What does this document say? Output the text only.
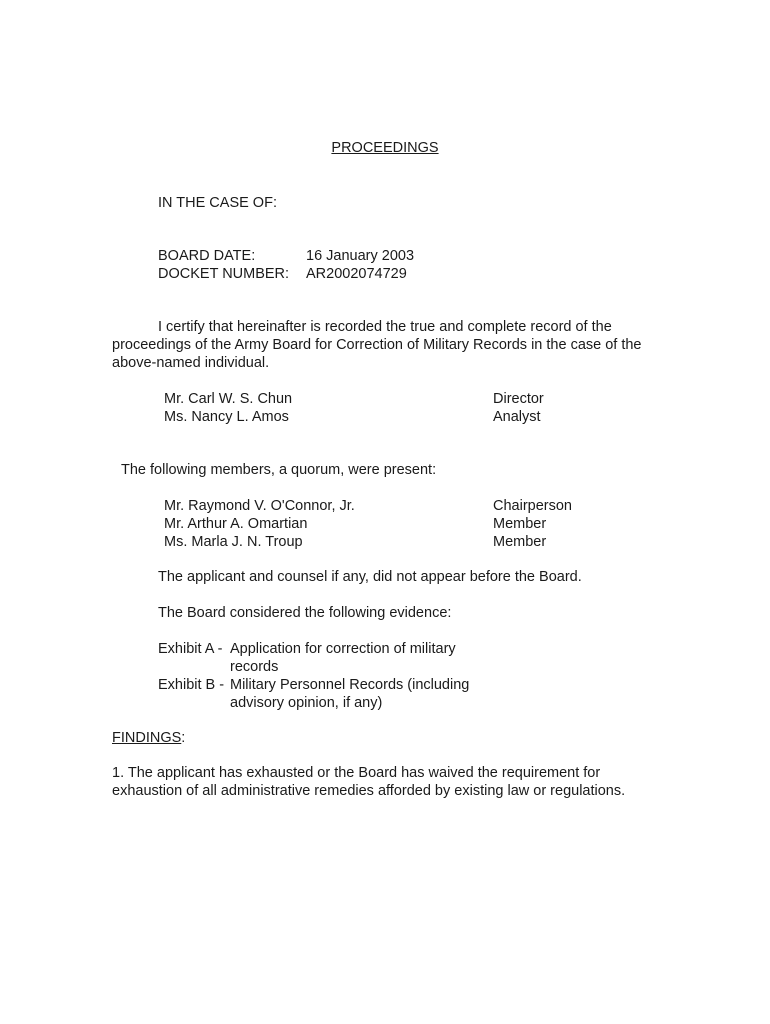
PROCEEDINGS
IN THE CASE OF:
BOARD DATE:	16 January 2003
DOCKET NUMBER: AR2002074729
I certify that hereinafter is recorded the true and complete record of the proceedings of the Army Board for Correction of Military Records in the case of the above-named individual.
Mr. Carl W. S. Chun	Director
Ms. Nancy L. Amos	Analyst
The following members, a quorum, were present:
Mr. Raymond V. O'Connor, Jr.	Chairperson
Mr. Arthur A. Omartian	Member
Ms. Marla J. N. Troup	Member
The applicant and counsel if any, did not appear before the Board.
The Board considered the following evidence:
Exhibit A - Application for correction of military
records
Exhibit B - Military Personnel Records (including
advisory opinion, if any)
FINDINGS:
1. The applicant has exhausted or the Board has waived the requirement for exhaustion of all administrative remedies afforded by existing law or regulations.
